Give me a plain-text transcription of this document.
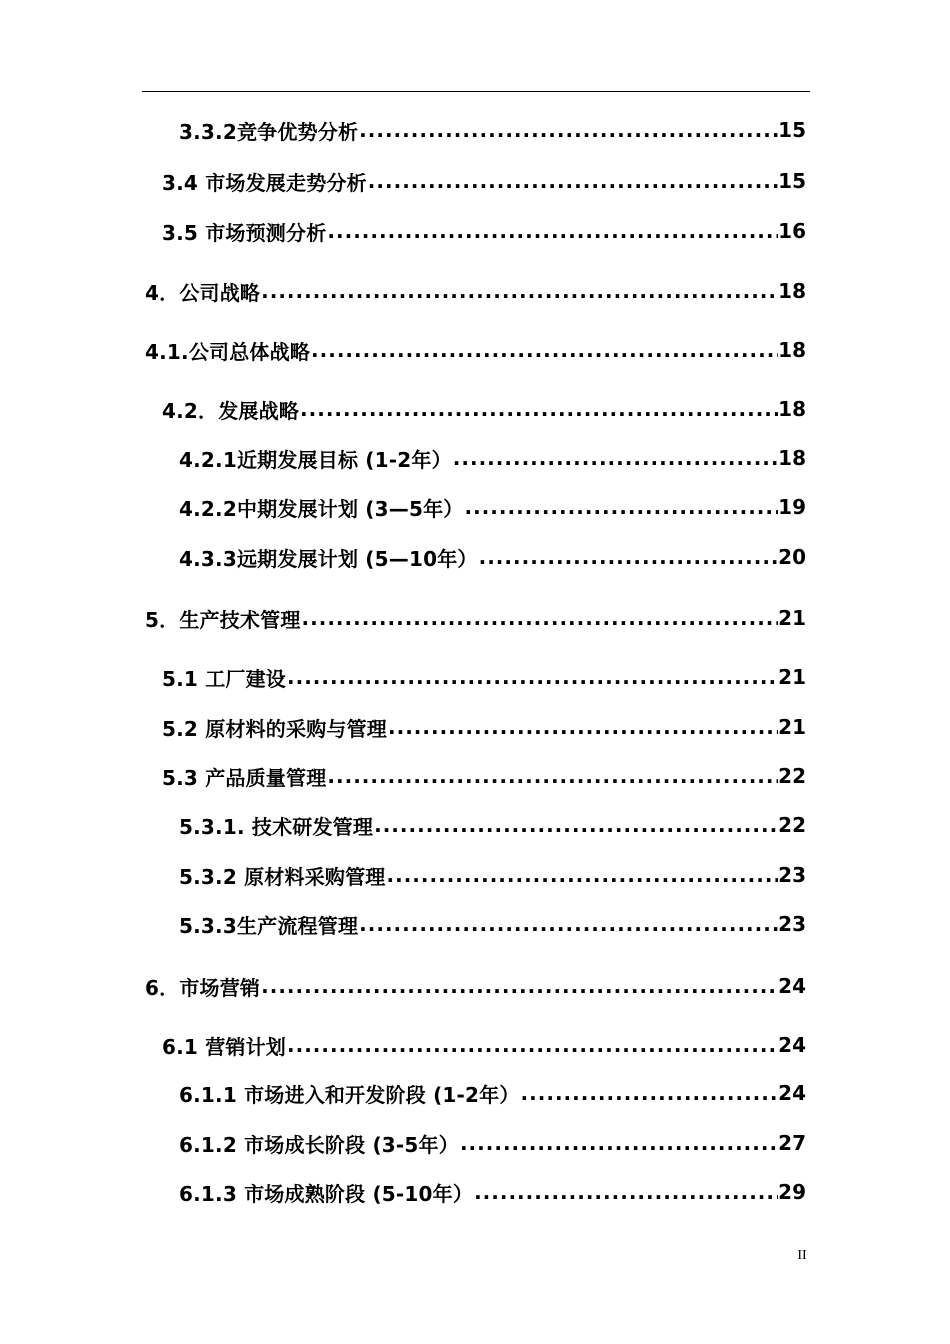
3.3.2竞争优势分析 .....	15
3.4 市场发展走势分析 .....	15
3.5 市场预测分析 .....	16
4．公司战略 .....	18
4.1.公司总体战略 .....	18
4.2．发展战略 .....	18
4.2.1近期发展目标 (1-2年） .....	18
4.2.2中期发展计划 (3—5年） .....	19
4.3.3远期发展计划 (5—10年） .....	20
5．生产技术管理 .....	21
5.1 工厂建设 .....	21
5.2 原材料的采购与管理 .....	21
5.3 产品质量管理 .....	22
5.3.1. 技术研发管理 .....	22
5.3.2 原材料采购管理 .....	23
5.3.3生产流程管理 .....	23
6．市场营销 .....	24
6.1 营销计划 .....	24
6.1.1 市场进入和开发阶段 (1-2年） .....	24
6.1.2 市场成长阶段 (3-5年） .....	27
6.1.3 市场成熟阶段 (5-10年） .....	29
II
